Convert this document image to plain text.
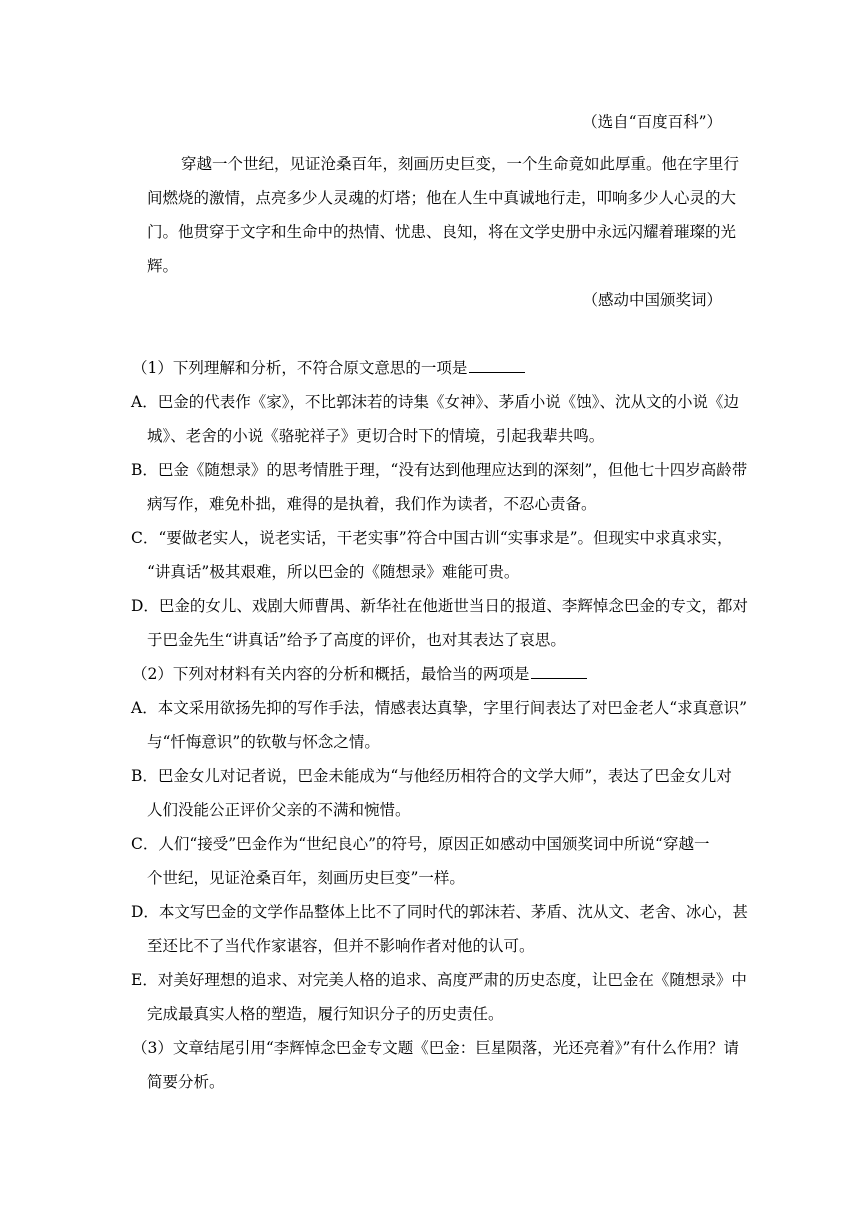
（选自“百度百科”）
穿越一个世纪，见证沧桑百年，刻画历史巨变，一个生命竟如此厚重。他在字里行
间燃烧的激情，点亮多少人灵魂的灯塔；他在人生中真诚地行走，叩响多少人心灵的大
门。他贯穿于文字和生命中的热情、忧患、良知，将在文学史册中永远闪耀着璀璨的光
辉。
（感动中国颁奖词）
（1）下列理解和分析，不符合原文意思的一项是
A．巴金的代表作《家》，不比郭沫若的诗集《女神》、茅盾小说《蚀》、沈从文的小说《边
城》、老舍的小说《骆驼祥子》更切合时下的情境，引起我辈共鸣。
B．巴金《随想录》的思考情胜于理，“没有达到他理应达到的深刻”，但他七十四岁高龄带
病写作，难免朴拙，难得的是执着，我们作为读者，不忍心责备。
C．“要做老实人，说老实话，干老实事”符合中国古训“实事求是”。但现实中求真求实，
“讲真话”极其艰难，所以巴金的《随想录》难能可贵。
D．巴金的女儿、戏剧大师曹禺、新华社在他逝世当日的报道、李辉悼念巴金的专文，都对
于巴金先生“讲真话”给予了高度的评价，也对其表达了哀思。
（2）下列对材料有关内容的分析和概括，最恰当的两项是
A．本文采用欲扬先抑的写作手法，情感表达真挚，字里行间表达了对巴金老人“求真意识”
与“忏悔意识”的钦敬与怀念之情。
B．巴金女儿对记者说，巴金未能成为“与他经历相符合的文学大师”，表达了巴金女儿对
人们没能公正评价父亲的不满和惋惜。
C．人们“接受”巴金作为“世纪良心”的符号，原因正如感动中国颁奖词中所说“穿越一
个世纪，见证沧桑百年，刻画历史巨变”一样。
D．本文写巴金的文学作品整体上比不了同时代的郭沫若、茅盾、沈从文、老舍、冰心，甚
至还比不了当代作家谌容，但并不影响作者对他的认可。
E．对美好理想的追求、对完美人格的追求、高度严肃的历史态度，让巴金在《随想录》中
完成最真实人格的塑造，履行知识分子的历史责任。
（3）文章结尾引用“李辉悼念巴金专文题《巴金：巨星陨落，光还亮着》”有什么作用？请
简要分析。
